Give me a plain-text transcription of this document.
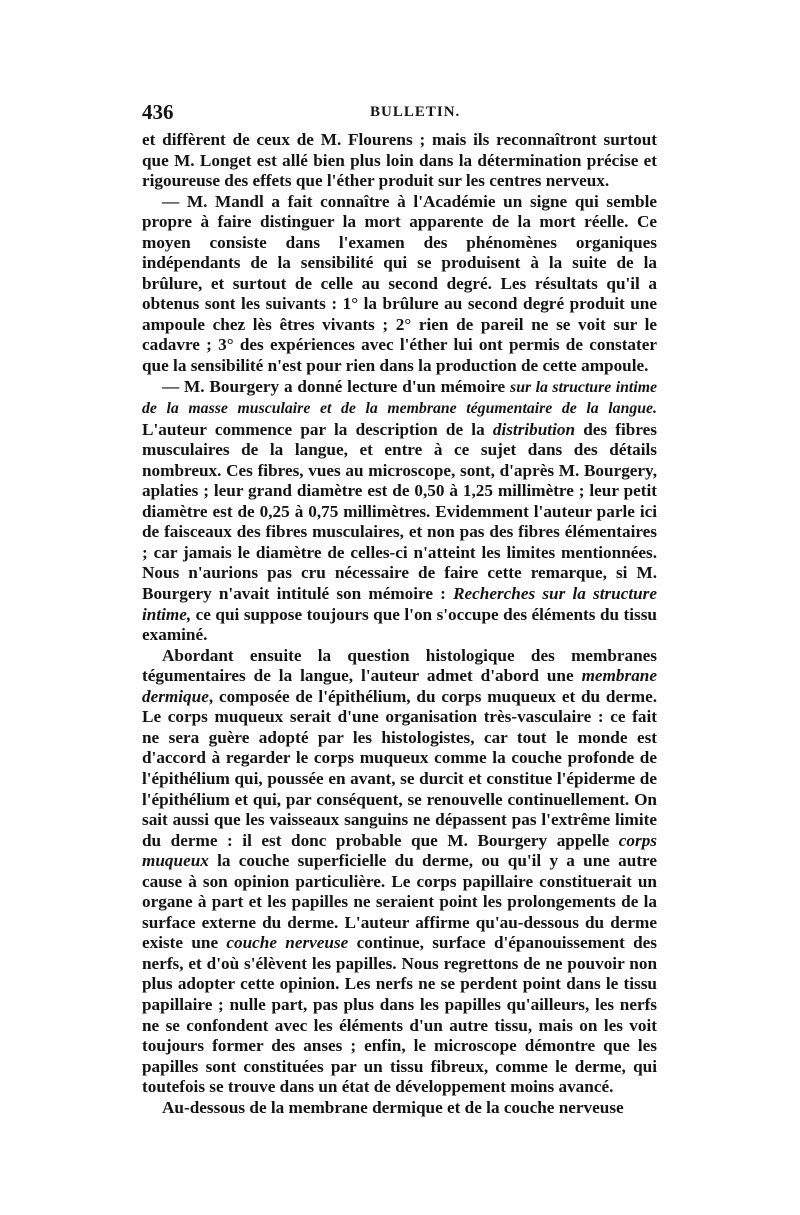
436	BULLETIN.

et diffèrent de ceux de M. Flourens ; mais ils reconnaîtront surtout que M. Longet est allé bien plus loin dans la détermination précise et rigoureuse des effets que l'éther produit sur les centres nerveux.

— M. Mandl a fait connaître à l'Académie un signe qui semble propre à faire distinguer la mort apparente de la mort réelle. Ce moyen consiste dans l'examen des phénomènes organiques indépendants de la sensibilité qui se produisent à la suite de la brûlure, et surtout de celle au second degré. Les résultats qu'il a obtenus sont les suivants : 1° la brûlure au second degré produit une ampoule chez lès êtres vivants ; 2° rien de pareil ne se voit sur le cadavre ; 3° des expériences avec l'éther lui ont permis de constater que la sensibilité n'est pour rien dans la production de cette ampoule.

— M. Bourgery a donné lecture d'un mémoire sur la structure intime de la masse musculaire et de la membrane tégumentaire de la langue. L'auteur commence par la description de la distribution des fibres musculaires de la langue, et entre à ce sujet dans des détails nombreux. Ces fibres, vues au microscope, sont, d'après M. Bourgery, aplaties ; leur grand diamètre est de 0,50 à 1,25 millimètre ; leur petit diamètre est de 0,25 à 0,75 millimètres. Evidemment l'auteur parle ici de faisceaux des fibres musculaires, et non pas des fibres élémentaires ; car jamais le diamètre de celles-ci n'atteint les limites mentionnées. Nous n'aurions pas cru nécessaire de faire cette remarque, si M. Bourgery n'avait intitulé son mémoire : Recherches sur la structure intime, ce qui suppose toujours que l'on s'occupe des éléments du tissu examiné.

Abordant ensuite la question histologique des membranes tégumentaires de la langue, l'auteur admet d'abord une membrane dermique, composée de l'épithélium, du corps muqueux et du derme. Le corps muqueux serait d'une organisation très-vasculaire : ce fait ne sera guère adopté par les histologistes, car tout le monde est d'accord à regarder le corps muqueux comme la couche profonde de l'épithélium qui, poussée en avant, se durcit et constitue l'épiderme de l'épithélium et qui, par conséquent, se renouvelle continuellement. On sait aussi que les vaisseaux sanguins ne dépassent pas l'extrême limite du derme : il est donc probable que M. Bourgery appelle corps muqueux la couche superficielle du derme, ou qu'il y a une autre cause à son opinion particulière. Le corps papillaire constituerait un organe à part et les papilles ne seraient point les prolongements de la surface externe du derme. L'auteur affirme qu'au-dessous du derme existe une couche nerveuse continue, surface d'épanouissement des nerfs, et d'où s'élèvent les papilles. Nous regrettons de ne pouvoir non plus adopter cette opinion. Les nerfs ne se perdent point dans le tissu papillaire ; nulle part, pas plus dans les papilles qu'ailleurs, les nerfs ne se confondent avec les éléments d'un autre tissu, mais on les voit toujours former des anses ; enfin, le microscope démontre que les papilles sont constituées par un tissu fibreux, comme le derme, qui toutefois se trouve dans un état de développement moins avancé.

Au-dessous de la membrane dermique et de la couche nerveuse
